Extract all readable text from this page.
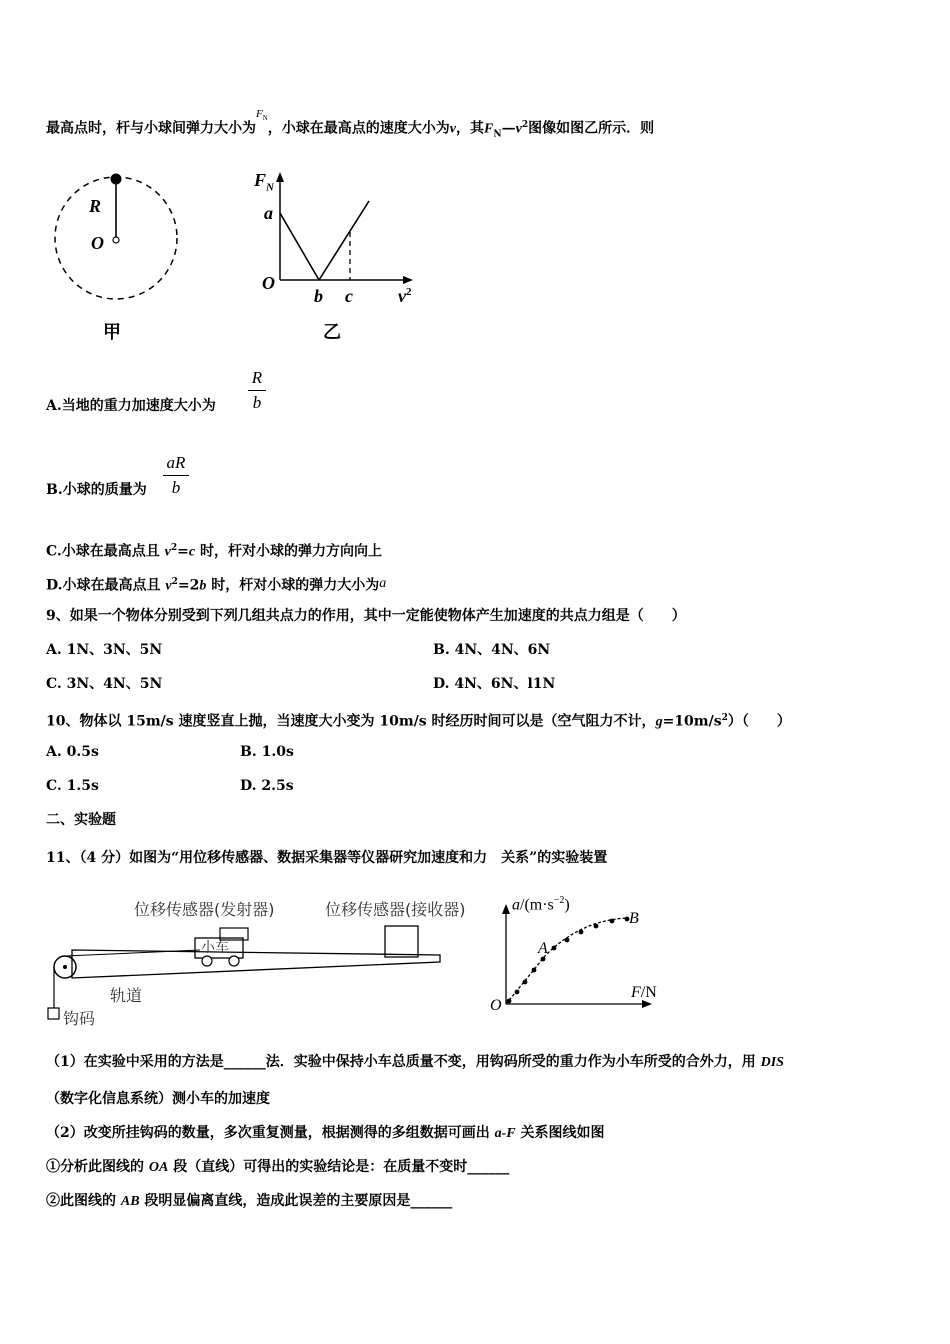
最高点时，杆与小球间弹力大小为$^{F_N}$，小球在最高点的速度大小为v，其$F_N—v^2$图像如图乙所示．则
R
O
甲
$F_N$
a
O
b c	$v^2$
乙
A.当地的重力加速度大小为
R
b
B.小球的质量为
aR
b
C.小球在最高点且 $v^2=c$ 时，杆对小球的弹力方向向上
D.小球在最高点且 $v^2=2b$ 时，杆对小球的弹力大小为a
9、如果一个物体分别受到下列几组共点力的作用，其中一定能使物体产生加速度的共点力组是（　　）
A. 1N、3N、5N	B. 4N、4N、6N
C. 3N、4N、5N	D. 4N、6N、l1N
10、物体以 15m/s 速度竖直上抛，当速度大小变为 10m/s 时经历时间可以是（空气阻力不计，$g=10m/s^2$）（　　）
A. 0.5s	B. 1.0s
C. 1.5s	D. 2.5s
二、实验题
11、（4 分）如图为“用位移传感器、数据采集器等仪器研究加速度和力　关系”的实验装置
位移传感器(发射器)	位移传感器(接收器)
小车
轨道
钩码
$a/(m\cdot s^{-2})$
F/N
O
A
B
（1）在实验中采用的方法是______法．实验中保持小车总质量不变，用钩码所受的重力作为小车所受的合外力，用 DIS
（数字化信息系统）测小车的加速度
（2）改变所挂钩码的数量，多次重复测量，根据测得的多组数据可画出 a-F 关系图线如图
①分析此图线的 OA 段（直线）可得出的实验结论是：在质量不变时______
②此图线的 AB 段明显偏离直线，造成此误差的主要原因是______
